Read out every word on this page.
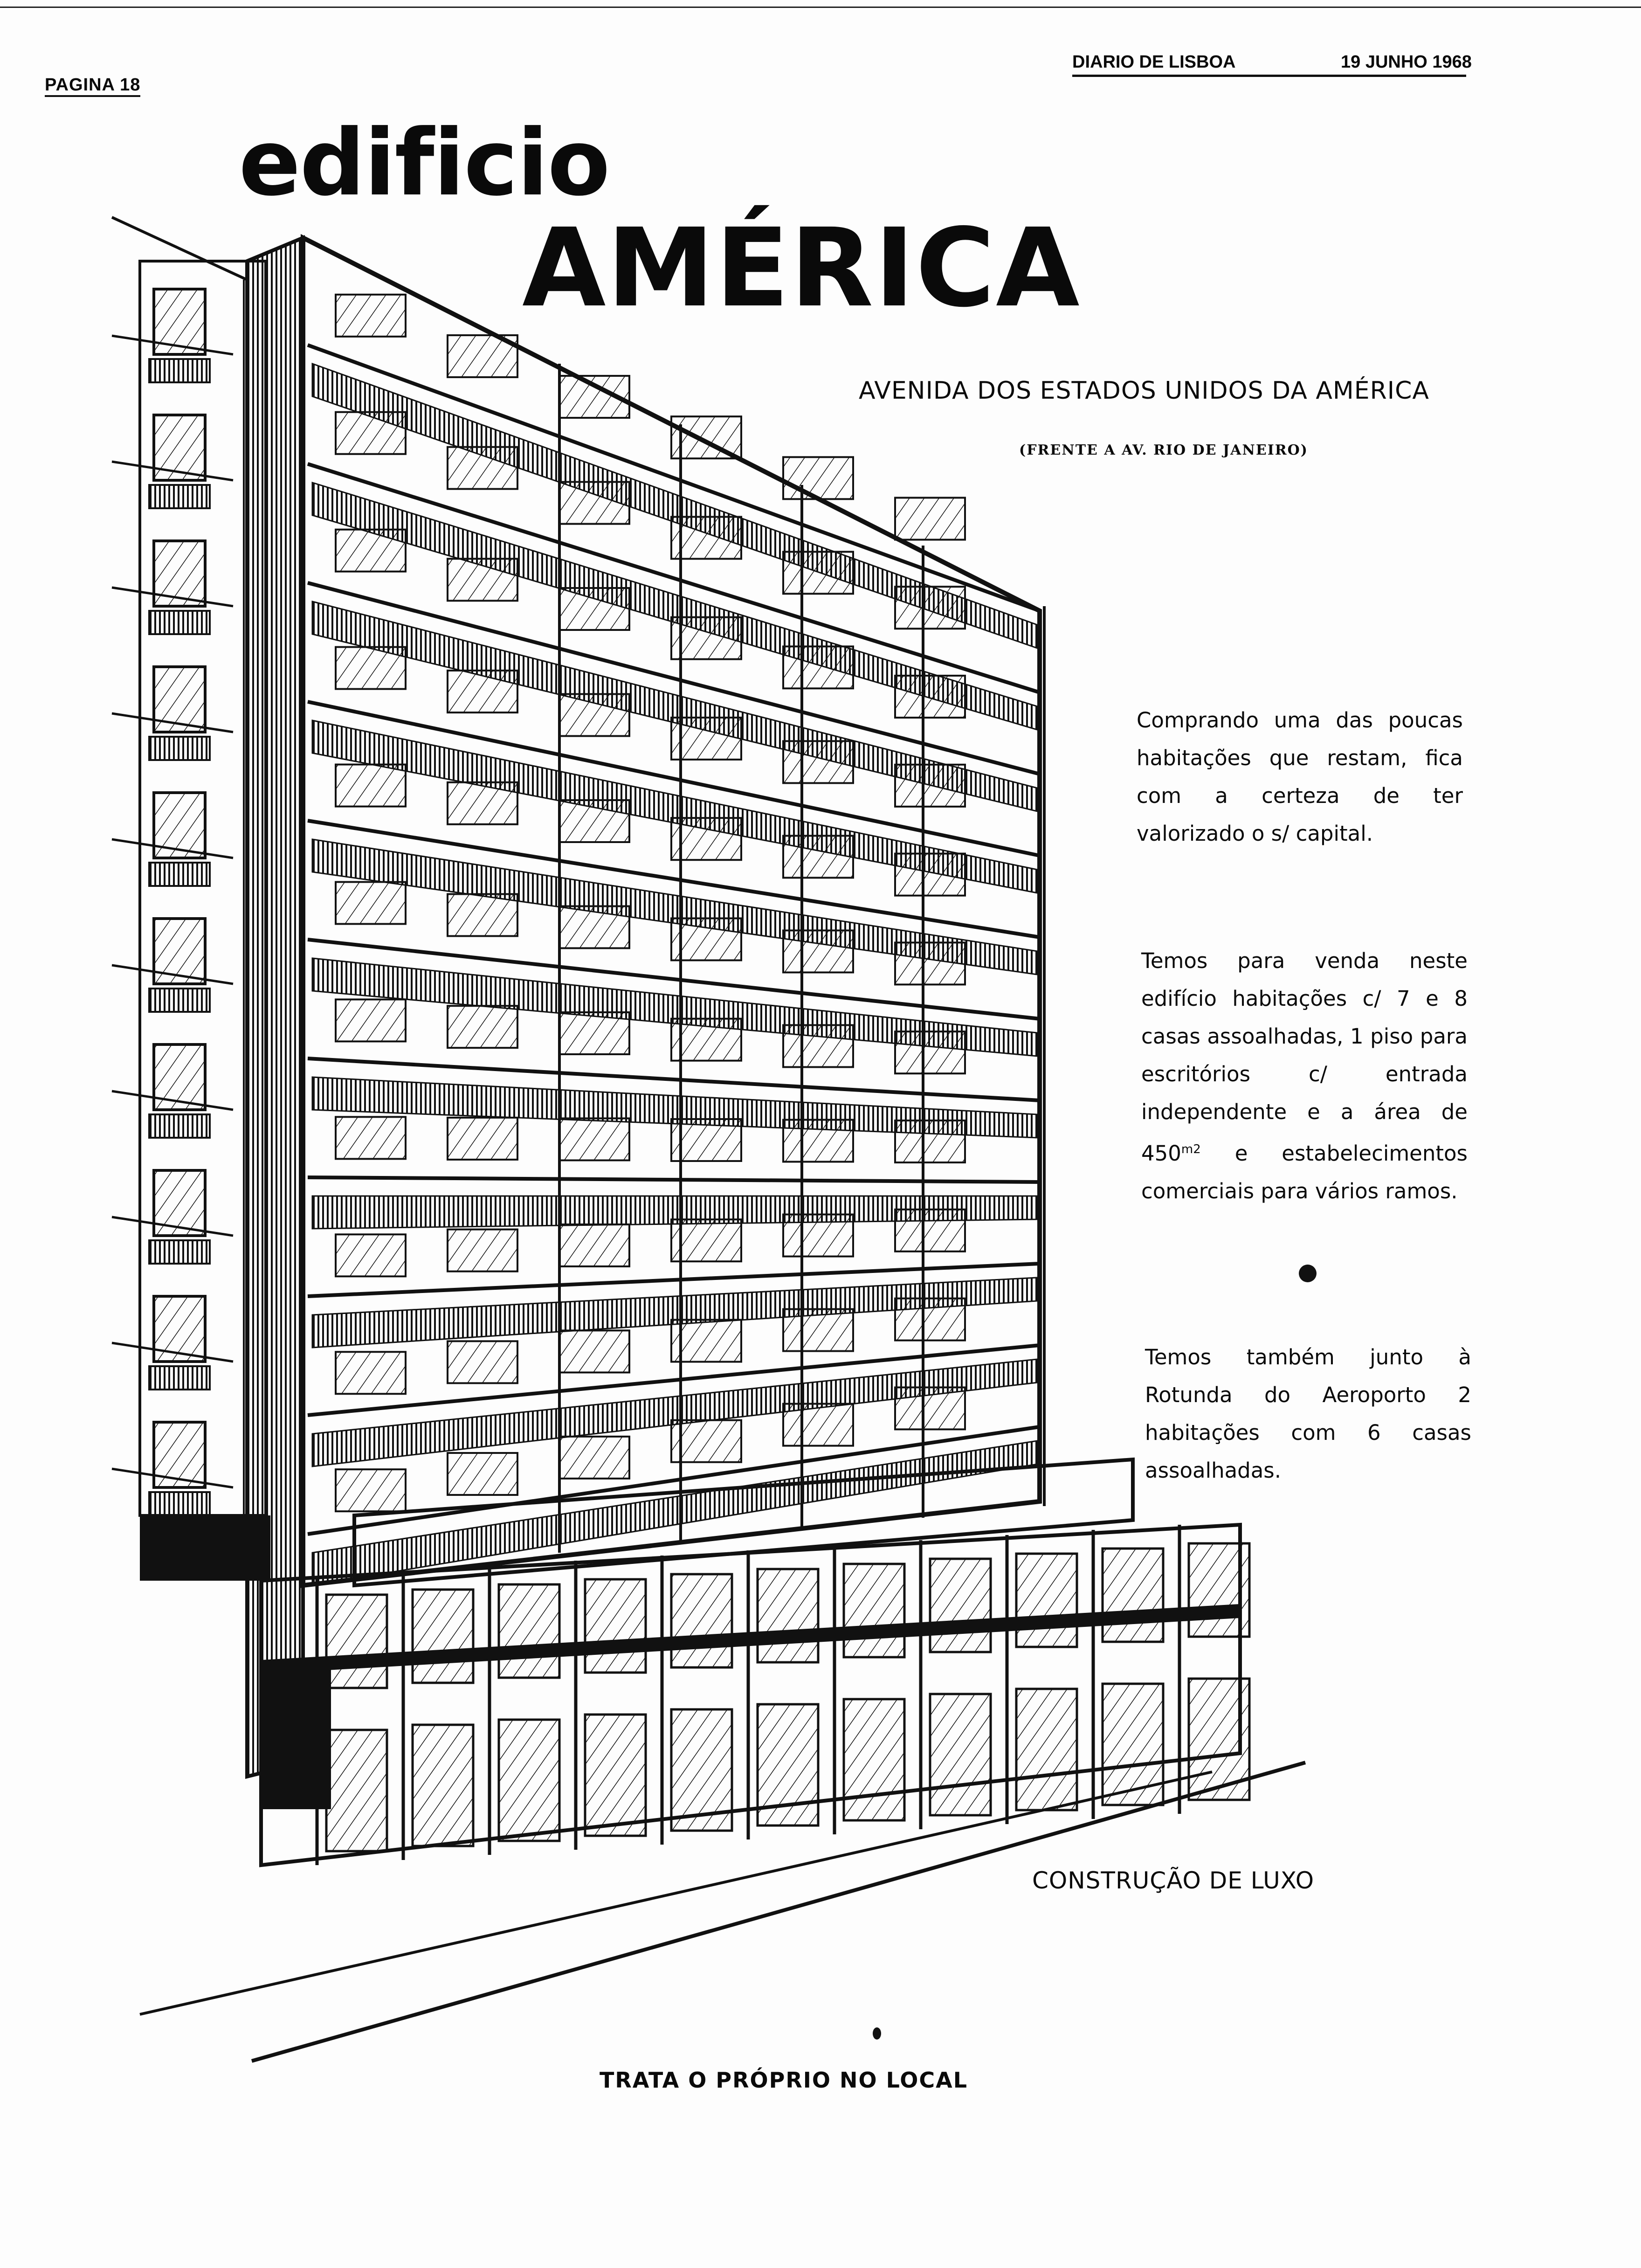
PAGINA 18
DIARIO DE LISBOA	19 JUNHO 1968
edificio
AMÉRICA
AVENIDA DOS ESTADOS UNIDOS DA AMÉRICA
(FRENTE A AV. RIO DE JANEIRO)
Comprando uma das poucas habitações que restam, fica com a certeza de ter valorizado o s/ capital.
Temos para venda neste edifício habitações c/ 7 e 8 casas assoalhadas, 1 piso para escritórios c/ entrada independente e a área de $450^{m2}$ e estabelecimentos comerciais para vários ramos.
Temos também junto à Rotunda do Aeroporto 2 habitações com 6 casas assoalhadas.
CONSTRUÇÃO DE LUXO
TRATA O PRÓPRIO NO LOCAL
